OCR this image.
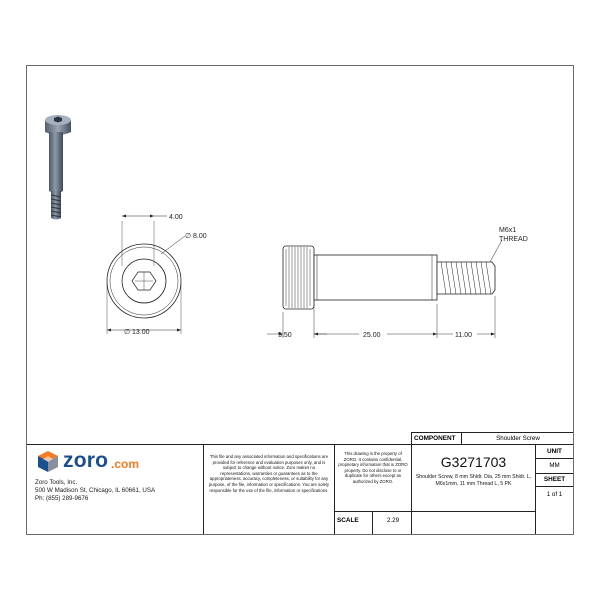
4.00
∅ 8.00
∅ 13.00
M6x1
THREAD
5.50	25.00	11.00
zoro .com
Zoro Tools, Inc.
500 W Madison St, Chicago, IL 60661, USA
Ph: (855) 289-9676
This file and any associated information and specifications are provided for reference and evaluation purposes only, and is subject to change without notice. Zoro makes no representations, warranties or guarantees as to the appropriateness, accuracy, completeness, or suitability for any purpose, of the file, information or specifications. You are solely responsible for the use of the file, information or specifications.
This drawing is the property of ZORO. It contains confidential, proprietary information that is ZORO property. Do not disclose to or duplicate for others except as authorized by ZORO.
COMPONENT	Shoulder Screw
G3271703
Shoulder Screw, 8 mm Shldr. Dia, 25 mm Shldr. L, M6x1mm, 11 mm Thread L, 5 PK
UNIT
MM
SHEET
1 of 1
SCALE	2.29
